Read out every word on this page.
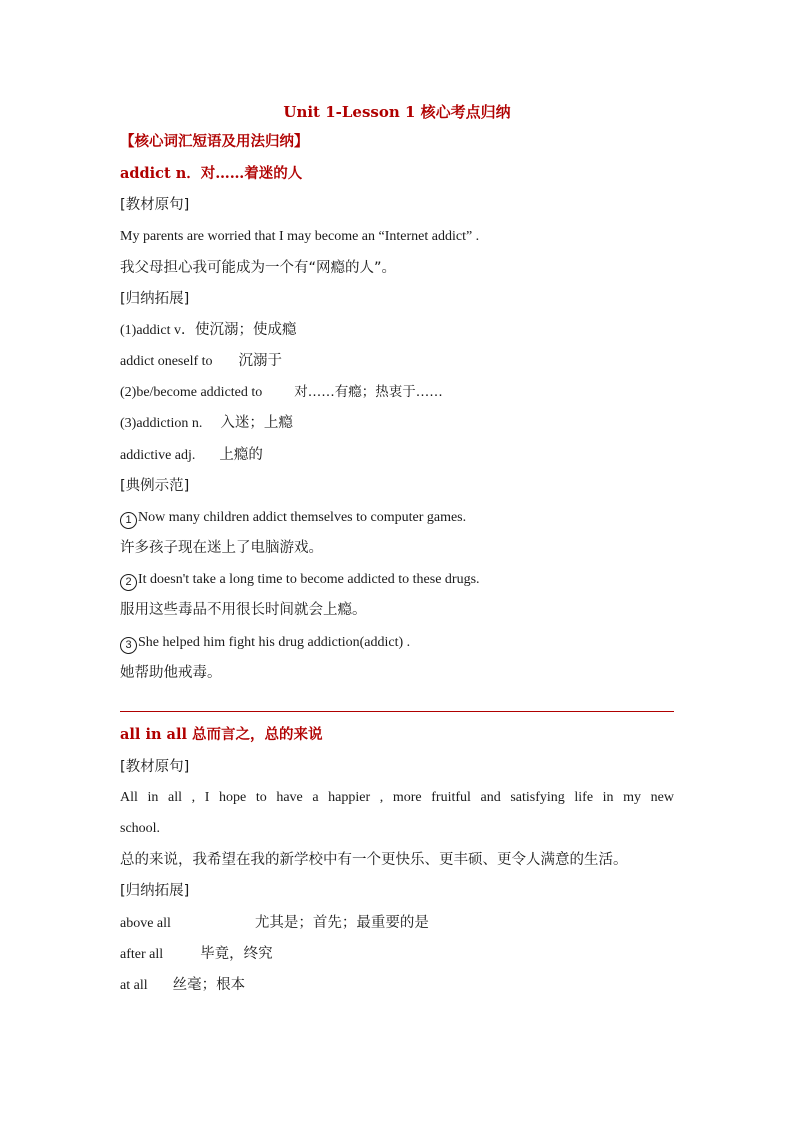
Unit 1-Lesson 1 核心考点归纳
【核心词汇短语及用法归纳】
addict n．对……着迷的人
[教材原句]
My parents are worried that I may become an “Internet addict” .
我父母担心我可能成为一个有“网瘾的人”。
[归纳拓展]
(1)addict v．使沉溺；使成瘾
addict oneself to 沉溺于
(2)be/become addicted to 对……有瘾；热衷于……
(3)addiction n. 入迷；上瘾
addictive adj. 上瘾的
[典例示范]
1 Now many children addict themselves to computer games.
许多孩子现在迷上了电脑游戏。
2 It doesn't take a long time to become addicted to these drugs.
服用这些毒品不用很长时间就会上瘾。
3 She helped him fight his drug addiction(addict) .
她帮助他戒毒。
all in all 总而言之，总的来说
[教材原句]
All in all , I hope to have a happier , more fruitful and satisfying life in my new
school.
总的来说，我希望在我的新学校中有一个更快乐、更丰硕、更令人满意的生活。
[归纳拓展]
above all	尤其是；首先；最重要的是
after all	毕竟，终究
at all 丝毫；根本
